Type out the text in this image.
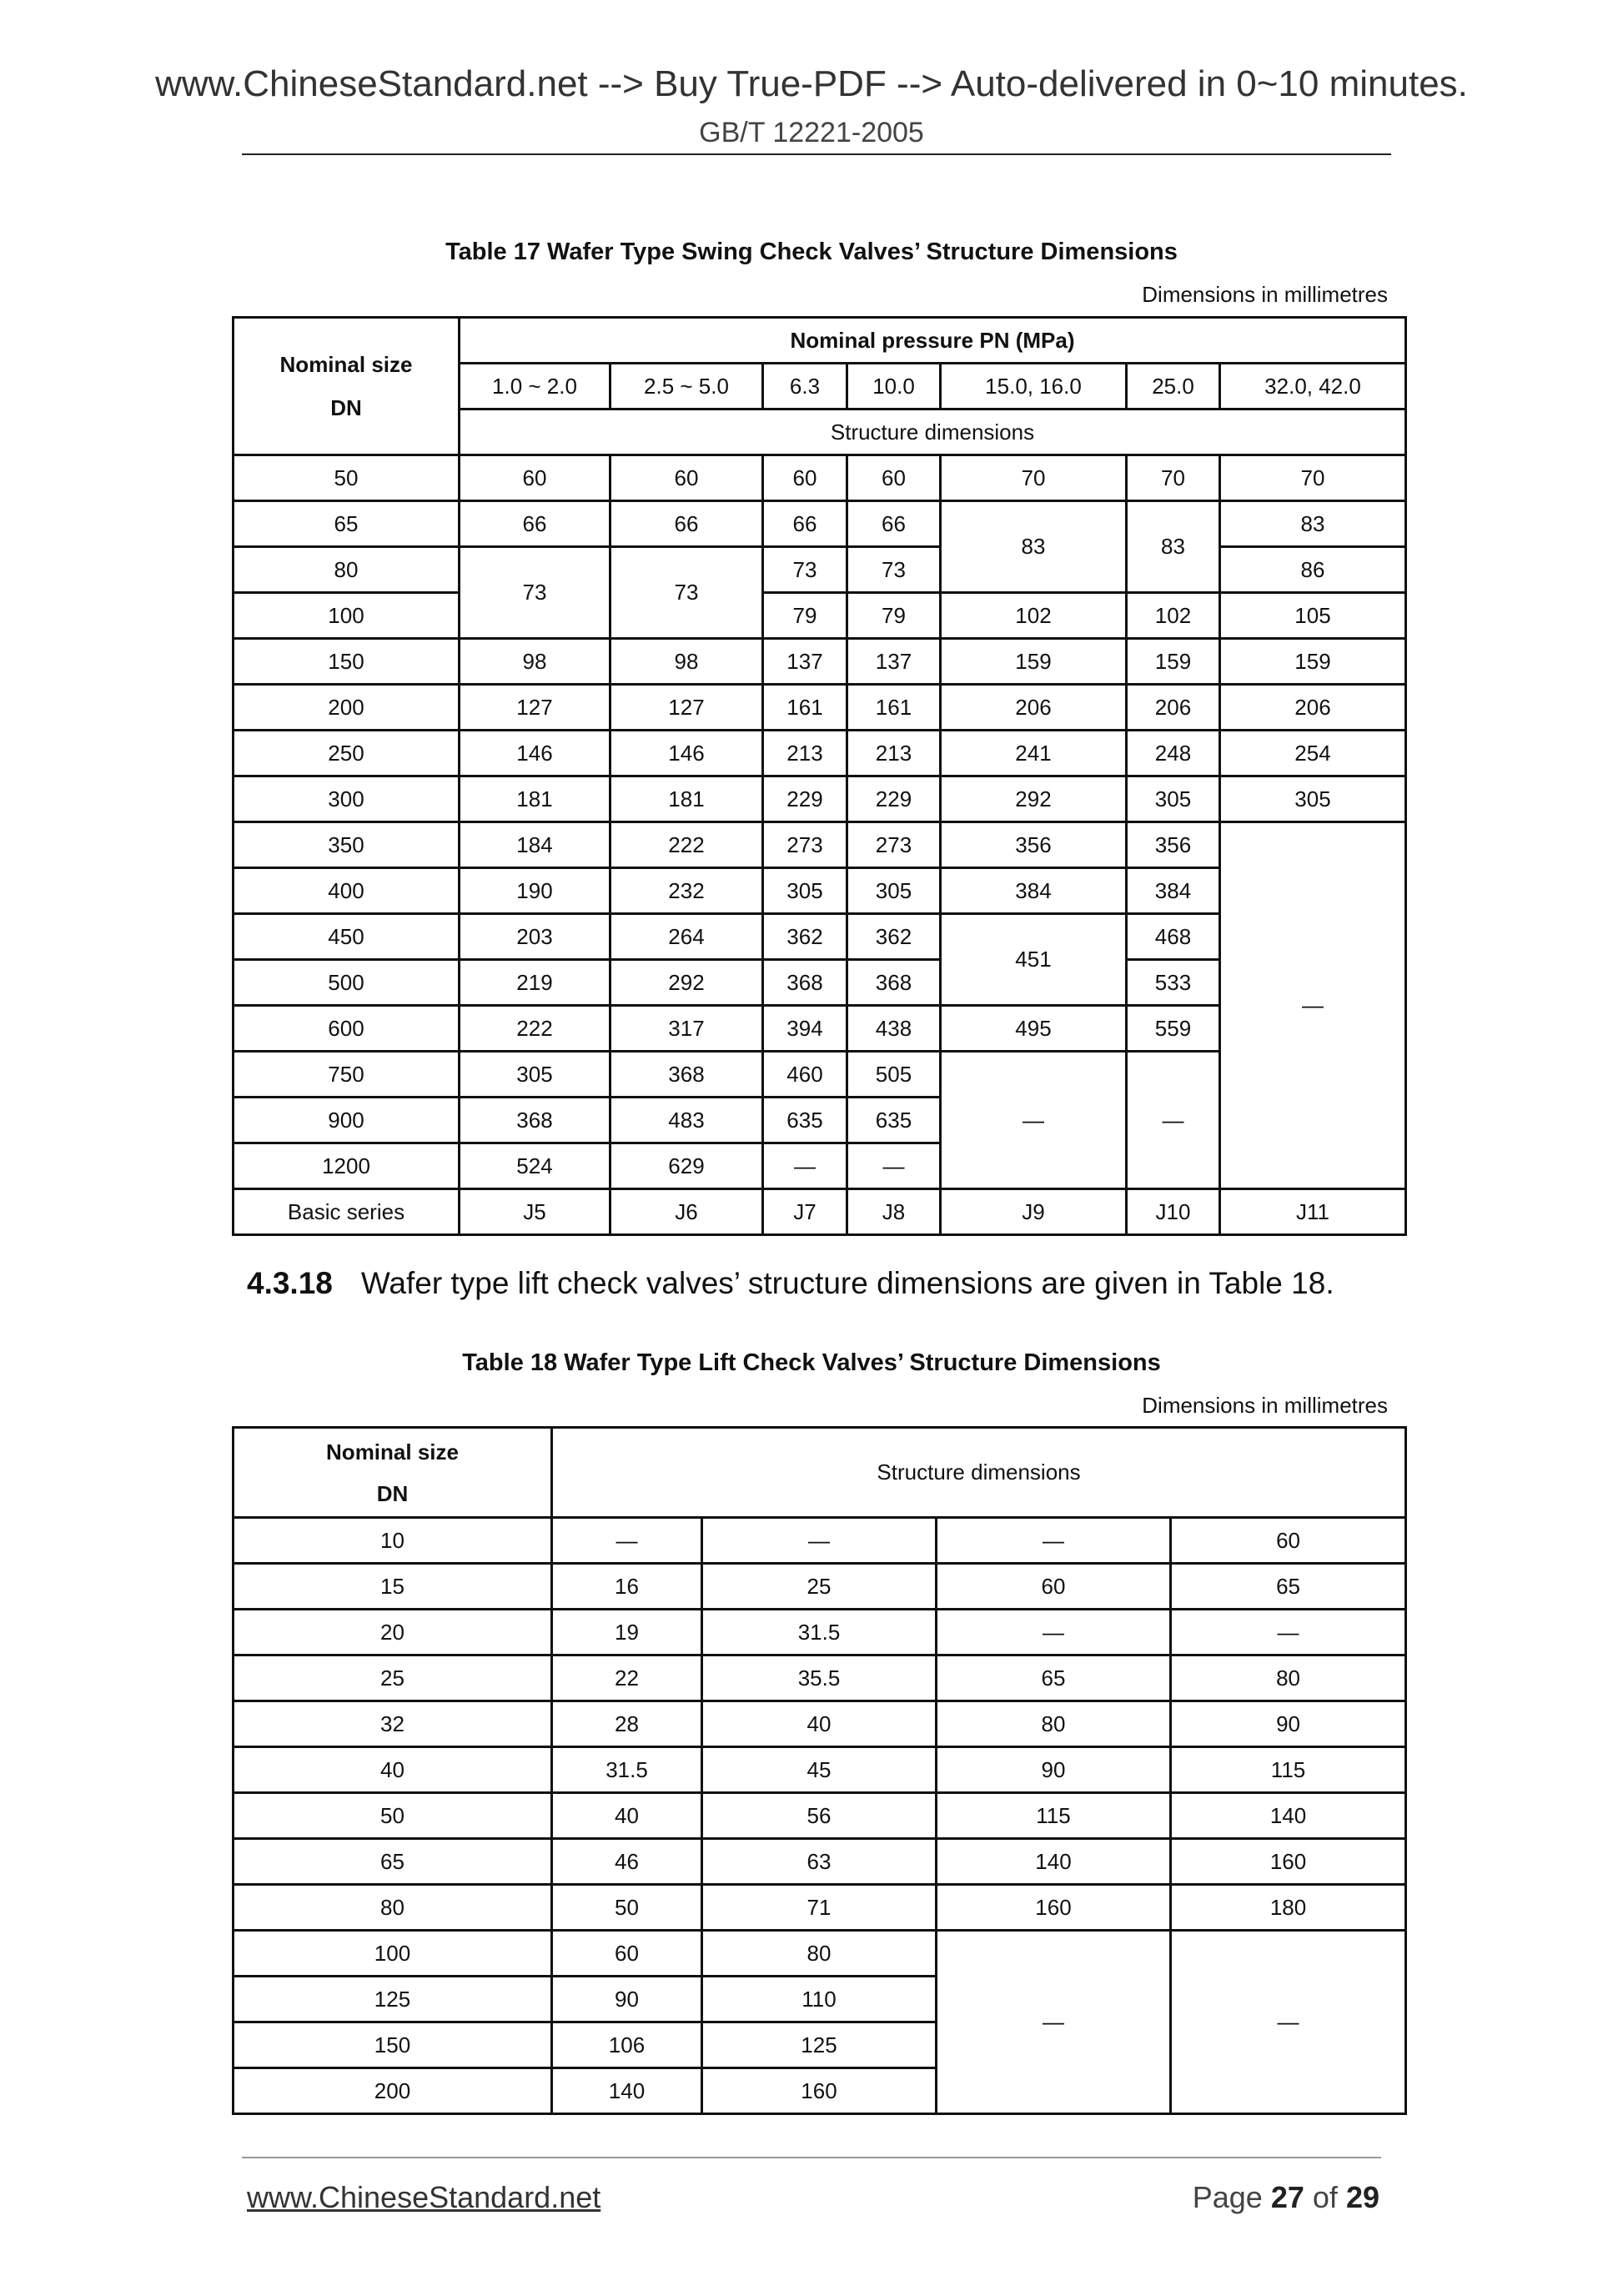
www.ChineseStandard.net --> Buy True-PDF --> Auto-delivered in 0~10 minutes.
GB/T 12221-2005
Table 17 Wafer Type Swing Check Valves’ Structure Dimensions
Dimensions in millimetres
Nominal size
DN	Nominal pressure PN (MPa)						
	1.0 ~ 2.0	2.5 ~ 5.0	6.3	10.0	15.0, 16.0	25.0	32.0, 42.0
	Structure dimensions						
50	60	60	60	60	70	70	70
65	66	66	66	66	83	83	83
80	73	73	73	73			86
100			79	79	102	102	105
150	98	98	137	137	159	159	159
200	127	127	161	161	206	206	206
250	146	146	213	213	241	248	254
300	181	181	229	229	292	305	305
350	184	222	273	273	356	356	—
400	190	232	305	305	384	384	
450	203	264	362	362	451	468	
500	219	292	368	368		533	
600	222	317	394	438	495	559	
750	305	368	460	505	—	—	
900	368	483	635	635			
1200	524	629	—	—			
Basic series	J5	J6	J7	J8	J9	J10	J11
4.3.18 Wafer type lift check valves’ structure dimensions are given in Table 18.
Table 18 Wafer Type Lift Check Valves’ Structure Dimensions
Dimensions in millimetres
Nominal size
DN	Structure dimensions			
10	—	—	—	60
15	16	25	60	65
20	19	31.5	—	—
25	22	35.5	65	80
32	28	40	80	90
40	31.5	45	90	115
50	40	56	115	140
65	46	63	140	160
80	50	71	160	180
100	60	80	—	—
125	90	110		
150	106	125		
200	140	160		
www.ChineseStandard.net	Page 27 of 29
